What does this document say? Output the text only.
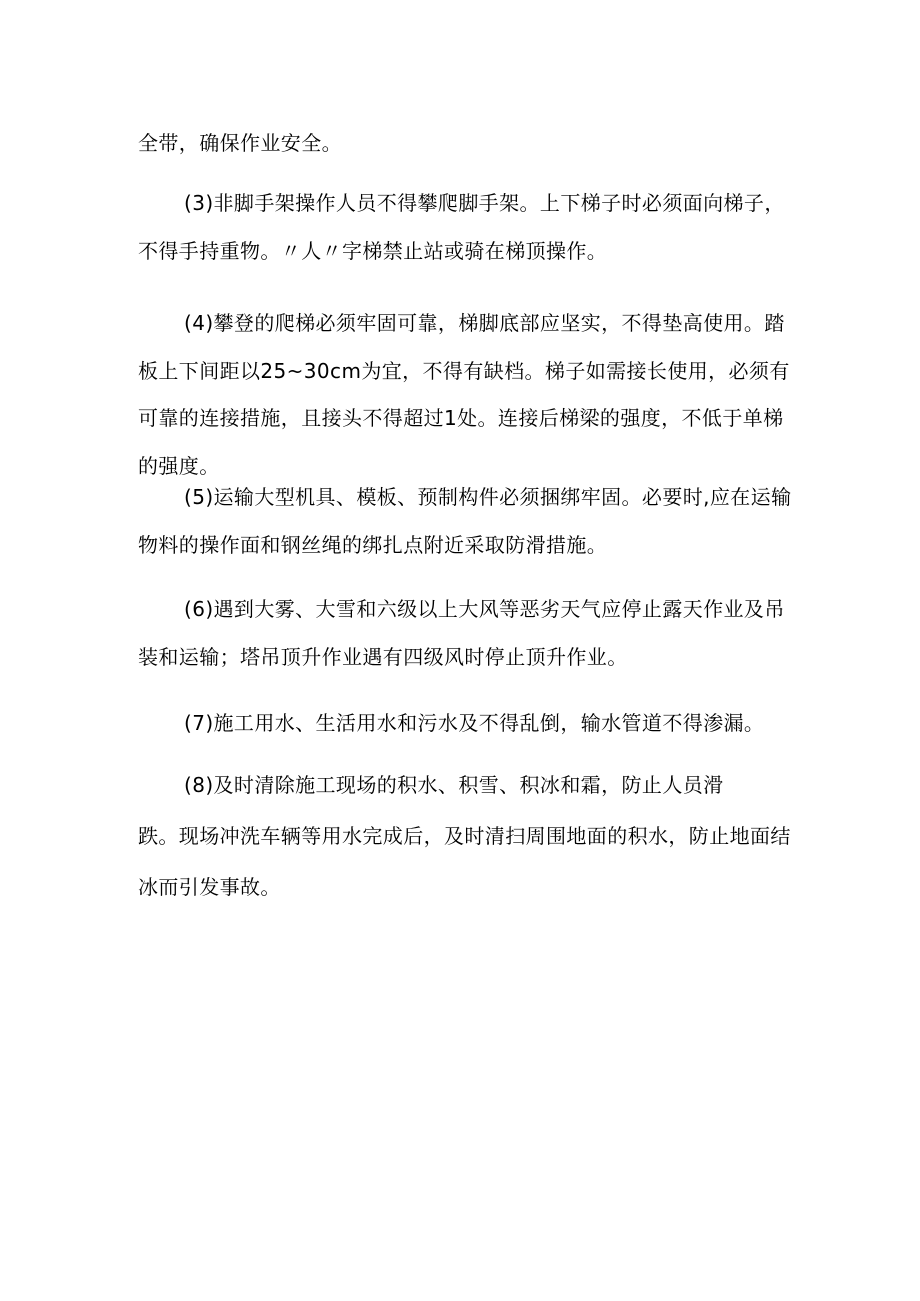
全带，确保作业安全。
(3)非脚手架操作人员不得攀爬脚手架。上下梯子时必须面向梯子，
不得手持重物。〃人〃字梯禁止站或骑在梯顶操作。
(4)攀登的爬梯必须牢固可靠，梯脚底部应坚实，不得垫高使用。踏
板上下间距以25~30cm为宜，不得有缺档。梯子如需接长使用，必须有
可靠的连接措施，且接头不得超过1处。连接后梯梁的强度，不低于单梯
的强度。
(5)运输大型机具、模板、预制构件必须捆绑牢固。必要时,应在运输
物料的操作面和钢丝绳的绑扎点附近采取防滑措施。
(6)遇到大雾、大雪和六级以上大风等恶劣天气应停止露天作业及吊
装和运输；塔吊顶升作业遇有四级风时停止顶升作业。
(7)施工用水、生活用水和污水及不得乱倒，输水管道不得渗漏。
(8)及时清除施工现场的积水、积雪、积冰和霜，防止人员滑
跌。现场冲洗车辆等用水完成后，及时清扫周围地面的积水，防止地面结
冰而引发事故。
